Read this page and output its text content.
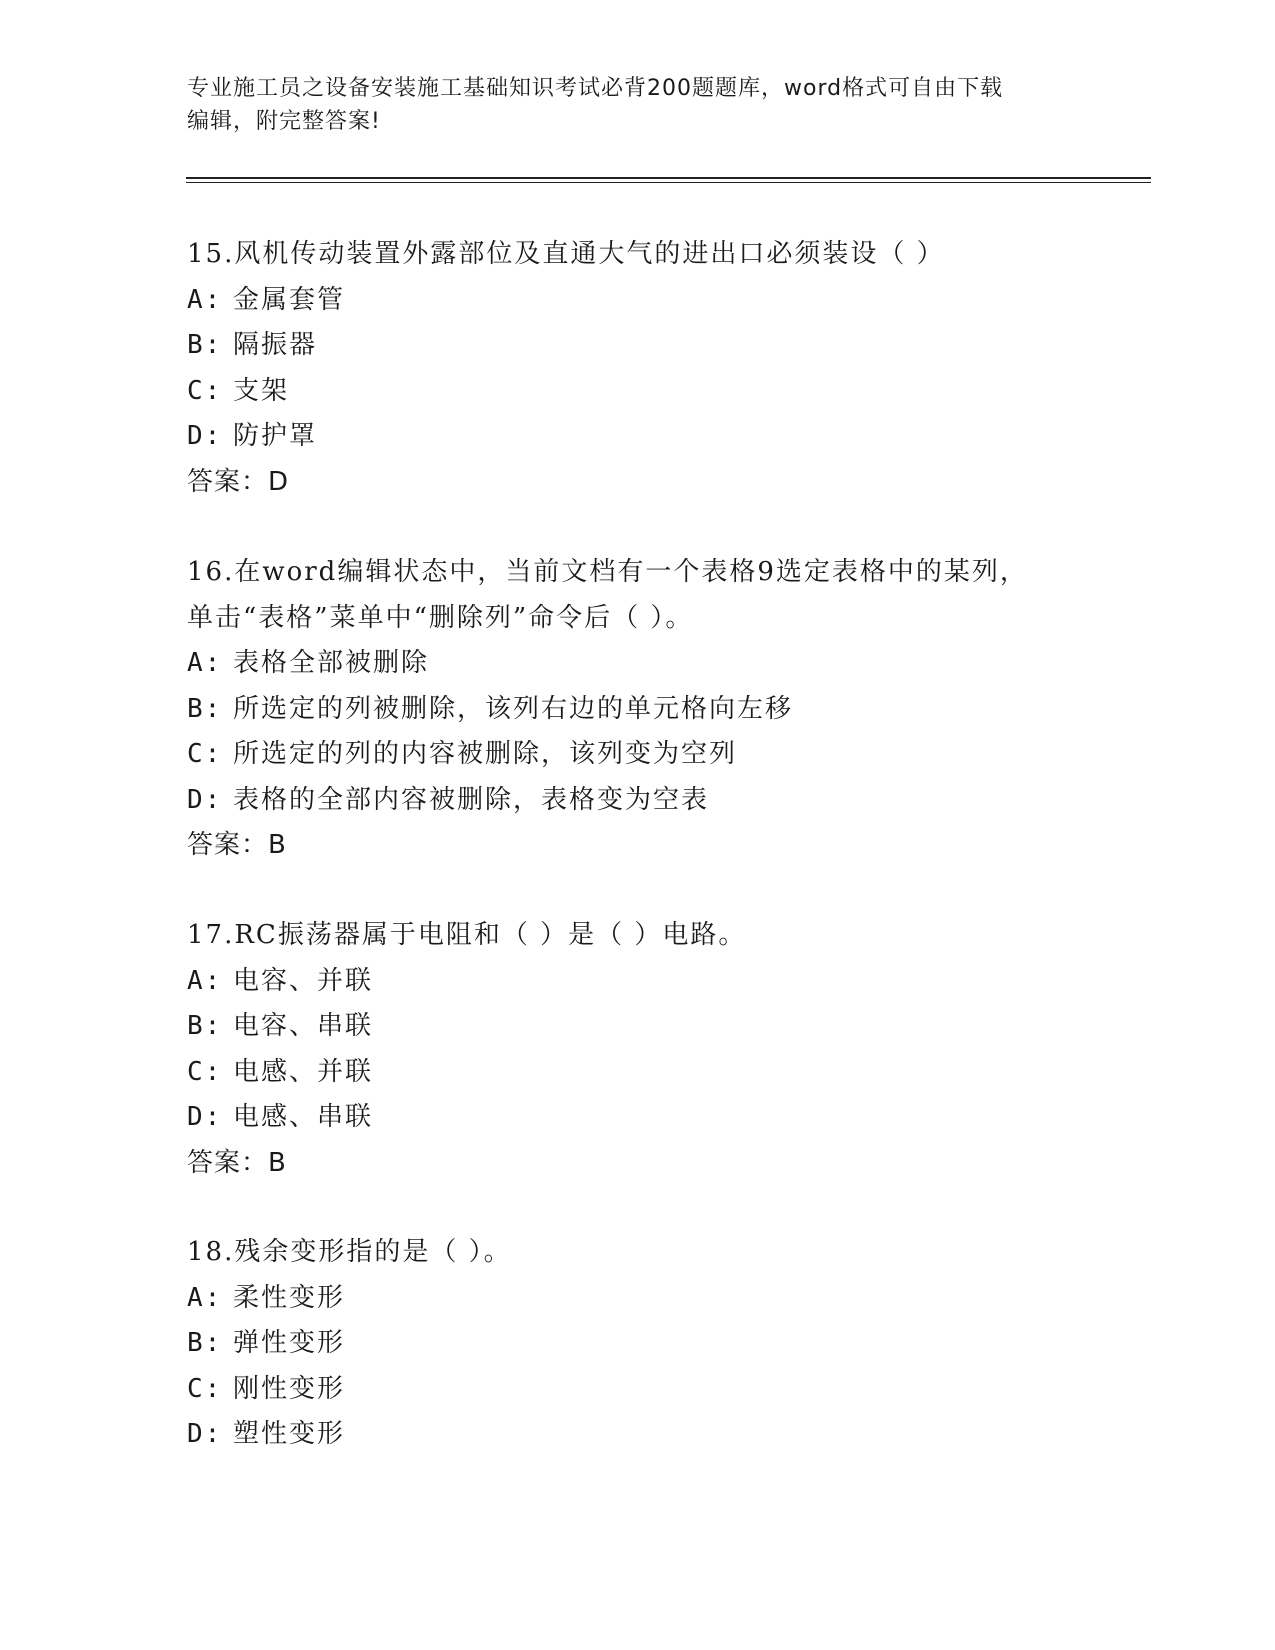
专业施工员之设备安装施工基础知识考试必背200题题库，word格式可自由下载
编辑，附完整答案!
15.风机传动装置外露部位及直通大气的进出口必须装设（ ）
A: 金属套管
B: 隔振器
C: 支架
D: 防护罩
答案：D
16.在word编辑状态中，当前文档有一个表格9选定表格中的某列，
单击“表格”菜单中“删除列”命令后（ ）。
A: 表格全部被删除
B: 所选定的列被删除，该列右边的单元格向左移
C: 所选定的列的内容被删除，该列变为空列
D: 表格的全部内容被删除，表格变为空表
答案：B
17.RC振荡器属于电阻和（ ）是（ ）电路。
A: 电容、并联
B: 电容、串联
C: 电感、并联
D: 电感、串联
答案：B
18.残余变形指的是（ ）。
A: 柔性变形
B: 弹性变形
C: 刚性变形
D: 塑性变形
